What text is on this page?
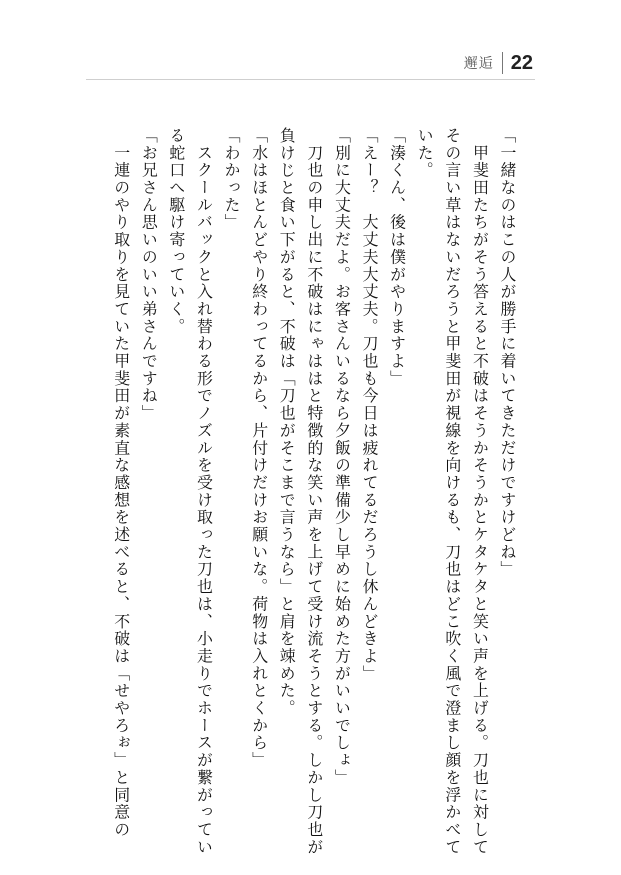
邂逅 22

「一緒なのはこの人が勝手に着いてきただけですけどね」

　甲斐田たちがそう答えると不破はそうかそうかとケタケタと笑い声を上げる。刀也に対してその言い草はないだろうと甲斐田が視線を向けるも、刀也はどこ吹く風で澄まし顔を浮かべていた。

「湊くん、後は僕がやりますよ」

「えー？　大丈夫大丈夫。刀也も今日は疲れてるだろうし休んどきよ」

「別に大丈夫だよ。お客さんいるなら夕飯の準備少し早めに始めた方がいいでしょ」

　刀也の申し出に不破はにゃははと特徴的な笑い声を上げて受け流そうとする。しかし刀也が負けじと食い下がると、不破は「刀也がそこまで言うなら」と肩を竦めた。

「水はほとんどやり終わってるから、片付けだけお願いな。荷物は入れとくから」

「わかった」

　スクールバックと入れ替わる形でノズルを受け取った刀也は、小走りでホースが繋がっている蛇口へ駆け寄っていく。

「お兄さん思いのいい弟さんですね」

　一連のやり取りを見ていた甲斐田が素直な感想を述べると、不破は「せやろぉ」と同意の
